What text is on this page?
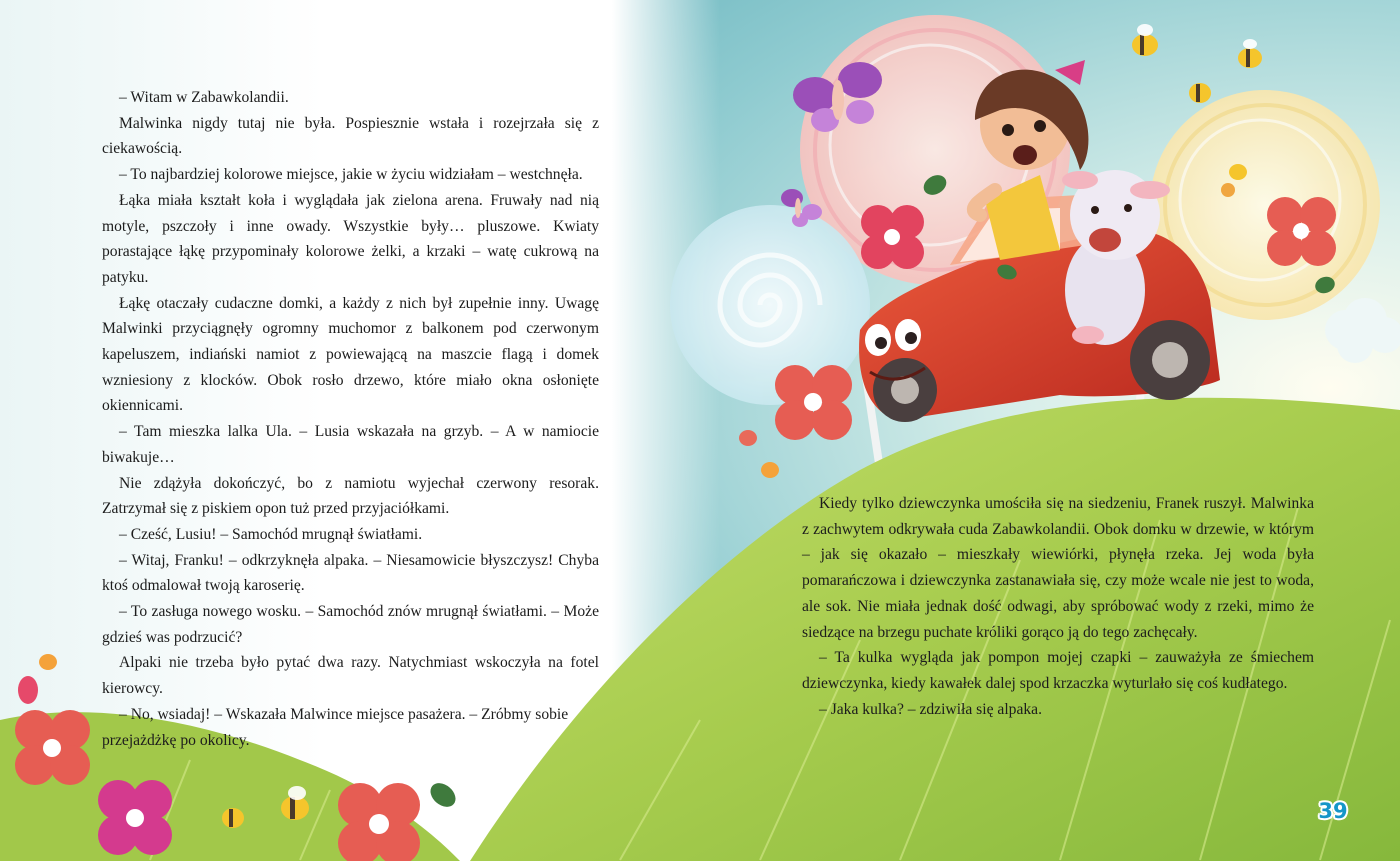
– Witam w Zabawkolandii.

Malwinka nigdy tutaj nie była. Pospiesznie wstała i rozejrzała się z ciekawością.

– To najbardziej kolorowe miejsce, jakie w życiu widziałam – westchnęła.

Łąka miała kształt koła i wyglądała jak zielona arena. Fruwały nad nią motyle, pszczoły i inne owady. Wszystkie były… pluszowe. Kwiaty porastające łąkę przypominały kolorowe żelki, a krzaki – watę cukrową na patyku.

Łąkę otaczały cudaczne domki, a każdy z nich był zupełnie inny. Uwagę Malwinki przyciągnęły ogromny muchomor z balkonem pod czerwonym kapeluszem, indiański namiot z powiewającą na maszcie flagą i domek wzniesiony z klocków. Obok rosło drzewo, które miało okna osłonięte okiennicami.

– Tam mieszka lalka Ula. – Lusia wskazała na grzyb. – A w namiocie biwakuje…

Nie zdążyła dokończyć, bo z namiotu wyjechał czerwony resorak. Zatrzymał się z piskiem opon tuż przed przyjaciółkami.

– Cześć, Lusiu! – Samochód mrugnął światłami.

– Witaj, Franku! – odkrzyknęła alpaka. – Niesamowicie błyszczysz! Chyba ktoś odmalował twoją karoserię.

– To zasługa nowego wosku. – Samochód znów mrugnął światłami. – Może gdzieś was podrzucić?

Alpaki nie trzeba było pytać dwa razy. Natychmiast wskoczyła na fotel kierowcy.

– No, wsiadaj! – Wskazała Malwince miejsce pasażera. – Zróbmy sobie przejażdżkę po okolicy.

Kiedy tylko dziewczynka umościła się na siedzeniu, Franek ruszył. Malwinka z zachwytem odkrywała cuda Zabawkolandii. Obok domku w drzewie, w którym – jak się okazało – mieszkały wiewiórki, płynęła rzeka. Jej woda była pomarańczowa i dziewczynka zastanawiała się, czy może wcale nie jest to woda, ale sok. Nie miała jednak dość odwagi, aby spróbować wody z rzeki, mimo że siedzące na brzegu puchate króliki gorąco ją do tego zachęcały.

– Ta kulka wygląda jak pompon mojej czapki – zauważyła ze śmiechem dziewczynka, kiedy kawałek dalej spod krzaczka wyturlało się coś kudłatego.

– Jaka kulka? – zdziwiła się alpaka.

39
